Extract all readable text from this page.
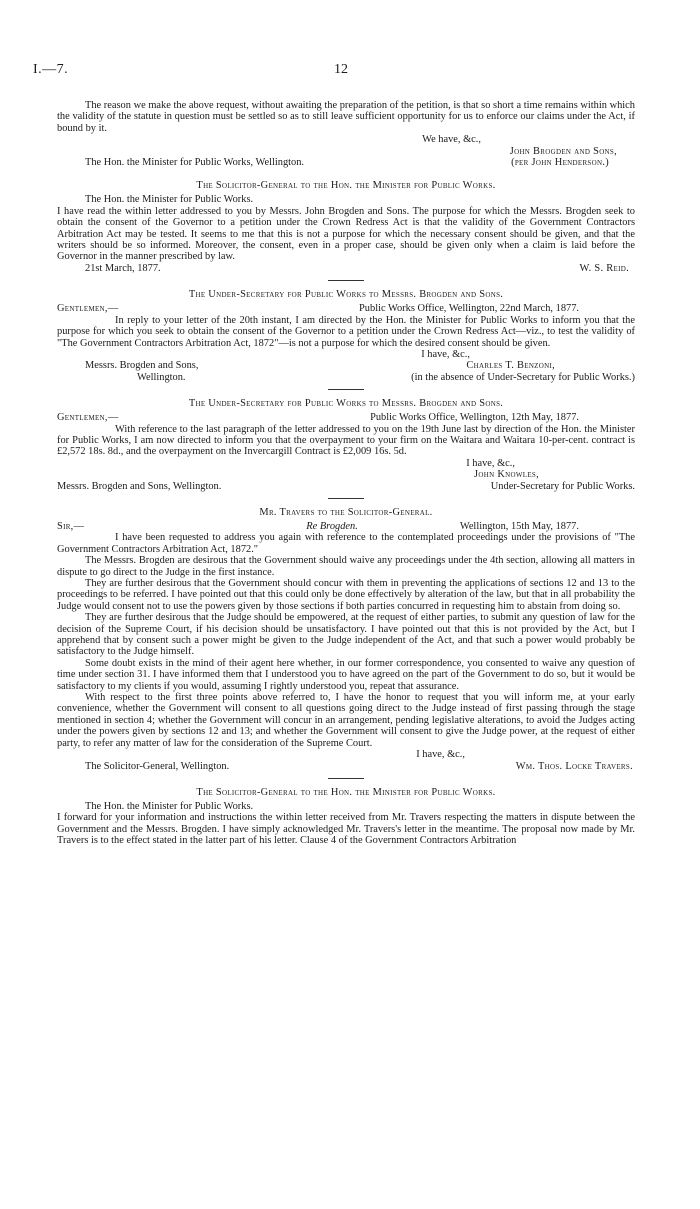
I.—7.	12

The reason we make the above request, without awaiting the preparation of the petition, is that so short a time remains within which the validity of the statute in question must be settled so as to still leave sufficient opportunity for us to enforce our claims under the Act, if bound by it.

We have, &c.,

John Brogden and Sons,

The Hon. the Minister for Public Works, Wellington.	(per John Henderson.)

The Solicitor-General to the Hon. the Minister for Public Works.

The Hon. the Minister for Public Works.

I have read the within letter addressed to you by Messrs. John Brogden and Sons. The purpose for which the Messrs. Brogden seek to obtain the consent of the Governor to a petition under the Crown Redress Act is that the validity of the Government Contractors Arbitration Act may be tested. It seems to me that this is not a purpose for which the necessary consent should be given, and that the writers should be so informed. Moreover, the consent, even in a proper case, should be given only when a claim is laid before the Governor in the manner prescribed by law.

21st March, 1877.	W. S. Reid.

The Under-Secretary for Public Works to Messrs. Brogden and Sons.

Gentlemen,—	Public Works Office, Wellington, 22nd March, 1877.

In reply to your letter of the 20th instant, I am directed by the Hon. the Minister for Public Works to inform you that the purpose for which you seek to obtain the consent of the Governor to a petition under the Crown Redress Act—viz., to test the validity of "The Government Contractors Arbitration Act, 1872"—is not a purpose for which the desired consent should be given.

I have, &c.,

Messrs. Brogden and Sons,	Charles T. Benzoni,
Wellington.	(in the absence of Under-Secretary for Public Works.)

The Under-Secretary for Public Works to Messrs. Brogden and Sons.

Gentlemen,—	Public Works Office, Wellington, 12th May, 1877.

With reference to the last paragraph of the letter addressed to you on the 19th June last by direction of the Hon. the Minister for Public Works, I am now directed to inform you that the overpayment to your firm on the Waitara and Waitara 10-per-cent. contract is £2,572 18s. 8d., and the overpayment on the Invercargill Contract is £2,009 16s. 5d.

I have, &c.,

John Knowles,

Messrs. Brogden and Sons, Wellington.	Under-Secretary for Public Works.

Mr. Travers to the Solicitor-General.

Sir,—	Re Brogden.	Wellington, 15th May, 1877.

I have been requested to address you again with reference to the contemplated proceedings under the provisions of "The Government Contractors Arbitration Act, 1872."

The Messrs. Brogden are desirous that the Government should waive any proceedings under the 4th section, allowing all matters in dispute to go direct to the Judge in the first instance.

They are further desirous that the Government should concur with them in preventing the applications of sections 12 and 13 to the proceedings to be referred. I have pointed out that this could only be done effectively by alteration of the law, but that in all probability the Judge would consent not to use the powers given by those sections if both parties concurred in requesting him to abstain from doing so.

They are further desirous that the Judge should be empowered, at the request of either parties, to submit any question of law for the decision of the Supreme Court, if his decision should be unsatisfactory. I have pointed out that this is not provided by the Act, but I apprehend that by consent such a power might be given to the Judge independent of the Act, and that such a power would probably be satisfactory to the Judge himself.

Some doubt exists in the mind of their agent here whether, in our former correspondence, you consented to waive any question of time under section 31. I have informed them that I understood you to have agreed on the part of the Government to do so, but it would be satisfactory to my clients if you would, assuming I rightly understood you, repeat that assurance.

With respect to the first three points above referred to, I have the honor to request that you will inform me, at your early convenience, whether the Government will consent to all questions going direct to the Judge instead of first passing through the stage mentioned in section 4; whether the Government will concur in an arrangement, pending legislative alterations, to avoid the Judges acting under the powers given by sections 12 and 13; and whether the Government will consent to give the Judge power, at the request of either party, to refer any matter of law for the consideration of the Supreme Court.

I have, &c.,

The Solicitor-General, Wellington.	Wm. Thos. Locke Travers.

The Solicitor-General to the Hon. the Minister for Public Works.

The Hon. the Minister for Public Works.

I forward for your information and instructions the within letter received from Mr. Travers respecting the matters in dispute between the Government and the Messrs. Brogden. I have simply acknowledged Mr. Travers's letter in the meantime. The proposal now made by Mr. Travers is to the effect stated in the latter part of his letter. Clause 4 of the Government Contractors Arbitration
